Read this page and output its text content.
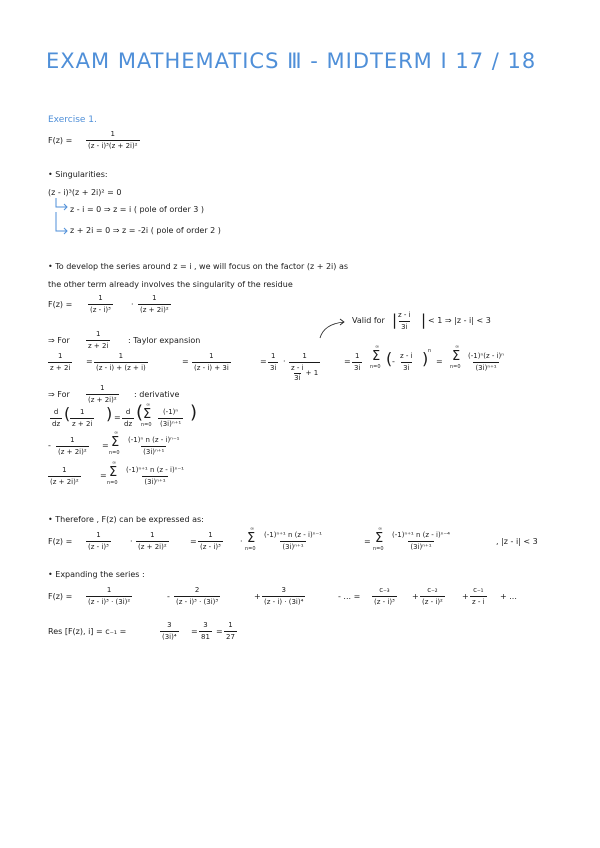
EXAM MATHEMATICS Ⅲ - MIDTERM I 17 / 18
Exercise 1.
$F(z) = \frac{1}{\text{(z - i)³(z + 2i)²}}$
• Singularities:
(z - i)³(z + 2i)² = 0
z - i = 0 ⇒ z = i ( pole of order 3 )
z + 2i = 0 ⇒ z = -2i ( pole of order 2 )
• To develop the series around z = i , we will focus on the factor (z + 2i) as
the other term already involves the singularity of the residue
$F(z) = \frac{1}{\text{(z - i)³}} \cdot \frac{1}{\text{(z + 2i)²}}$
Valid for |
$\frac{z - i}{3i}$ | < 1 ⇒ |z - i| < 3
⇒ For $\frac{1}{z + 2i}$ : Taylor expansion
$\frac{1}{z + 2i} = \frac{1}{(z - i) + (z + i)}$	= $\frac{1}{(z - i) + 3i}$	= $\frac{1}{3i} \cdot 1$
z - i
3i
+ 1	= $\frac{1}{3i}$
∞
Σ
n=0 ( - $\frac{z - i}{3i}$ ) n
=
∞
Σ
$n=0 \frac{\text{(-1)ⁿ(z - i)ⁿ}}{\text{(3i)ⁿ⁺¹}}$
⇒ For $\frac{1}{\text{(z + 2i)²}}$ : derivative
$\frac{d}{dz}$ ( $\frac{1}{z + 2i}$ ) = $\frac{d}{dz}$ ( ∞
Σ
$n=0 \frac{\text{(-1)ⁿ}}{\text{(3i)ⁿ⁺¹}}$ )
- $\frac{1}{\text{(z + 2i)²}}$ =
∞
Σ
$n=0 \frac{\text{(-1)ⁿ n (z - i)ⁿ⁻¹}}{\text{(3i)ⁿ⁺¹}}$
$\frac{1}{\text{(z + 2i)²}}$ =
∞
Σ
$n=0 \frac{\text{(-1)ⁿ⁺¹ n (z - i)ⁿ⁻¹}}{\text{(3i)ⁿ⁺¹}}$
• Therefore , F(z) can be expressed as:
$F(z) = \frac{1}{\text{(z - i)³}} \cdot \frac{1}{\text{(z + 2i)²}}$	= $\frac{1}{\text{(z - i)³}}$ ·
∞
Σ
$n=0 \frac{\text{(-1)ⁿ⁺¹ n (z - i)ⁿ⁻¹}}{\text{(3i)ⁿ⁺¹}}$	=
∞
Σ
$n=0 \frac{\text{(-1)ⁿ⁺¹ n (z - i)ⁿ⁻⁴}}{\text{(3i)ⁿ⁺¹}}$	, |z - i| < 3
• Expanding the series :
$F(z) = \frac{1}{\text{(z - i)³ · (3i)²}}$	- $\frac{2}{\text{(z - i)³ · (3i)³}}$	+ $\frac{3}{\text{(z - i) · (3i)⁴}}$	- ... = $\frac{\text{c₋₃}}{\text{(z - i)³}} + \frac{\text{c₋₂}}{\text{(z - i)²}} + \frac{\text{c₋₁}}{z - i}$ + ...
Res [F(z), i] = c₋₁ =	$\frac{3}{\text{(3i)⁴}} = \frac{3}{81} = \frac{1}{27}$
